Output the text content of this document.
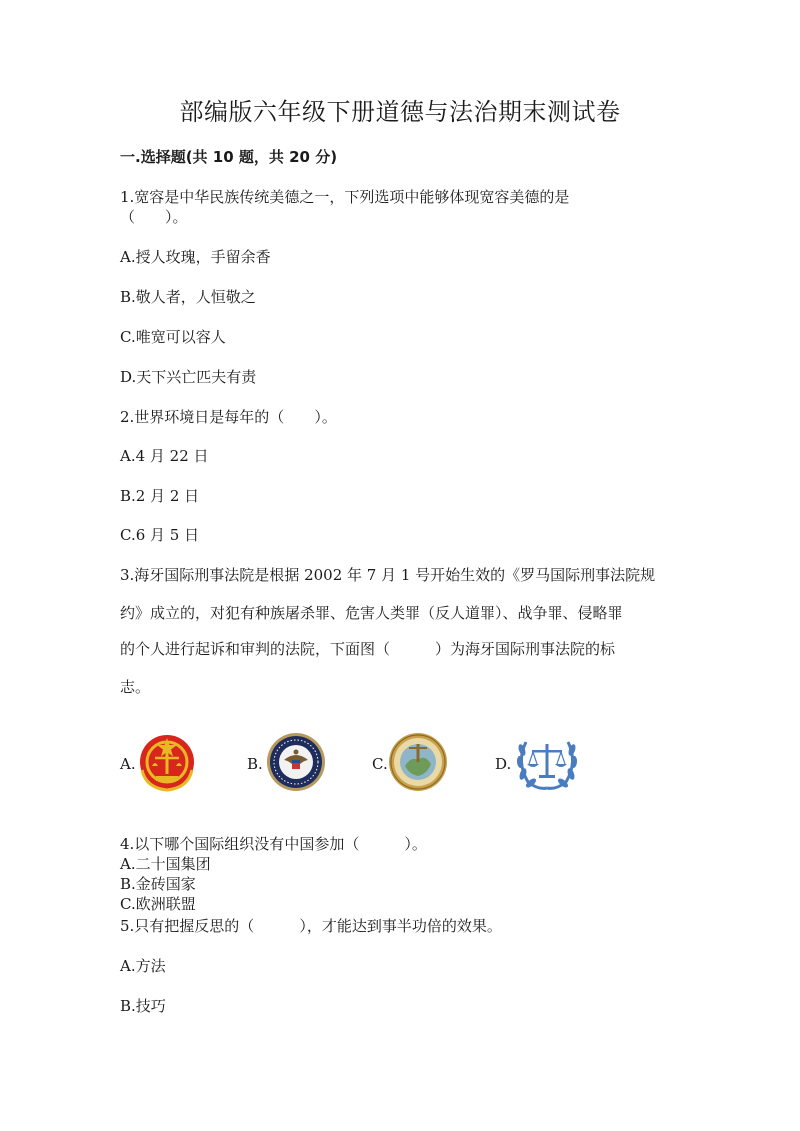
部编版六年级下册道德与法治期末测试卷
一.选择题(共 10 题，共 20 分)
1.宽容是中华民族传统美德之一，下列选项中能够体现宽容美德的是
（　　）。
A.授人玫瑰，手留余香
B.敬人者，人恒敬之
C.唯宽可以容人
D.天下兴亡匹夫有责
2.世界环境日是每年的（　　）。
A.4 月 22 日
B.2 月 2 日
C.6 月 5 日
3.海牙国际刑事法院是根据 2002 年 7 月 1 号开始生效的《罗马国际刑事法院规
约》成立的，对犯有种族屠杀罪、危害人类罪（反人道罪）、战争罪、侵略罪
的个人进行起诉和审判的法院，下面图（　　　）为海牙国际刑事法院的标
志。
A.	B.	C.	D.
4.以下哪个国际组织没有中国参加（　　　）。
A.二十国集团
B.金砖国家
C.欧洲联盟
5.只有把握反思的（　　　），才能达到事半功倍的效果。
A.方法
B.技巧
